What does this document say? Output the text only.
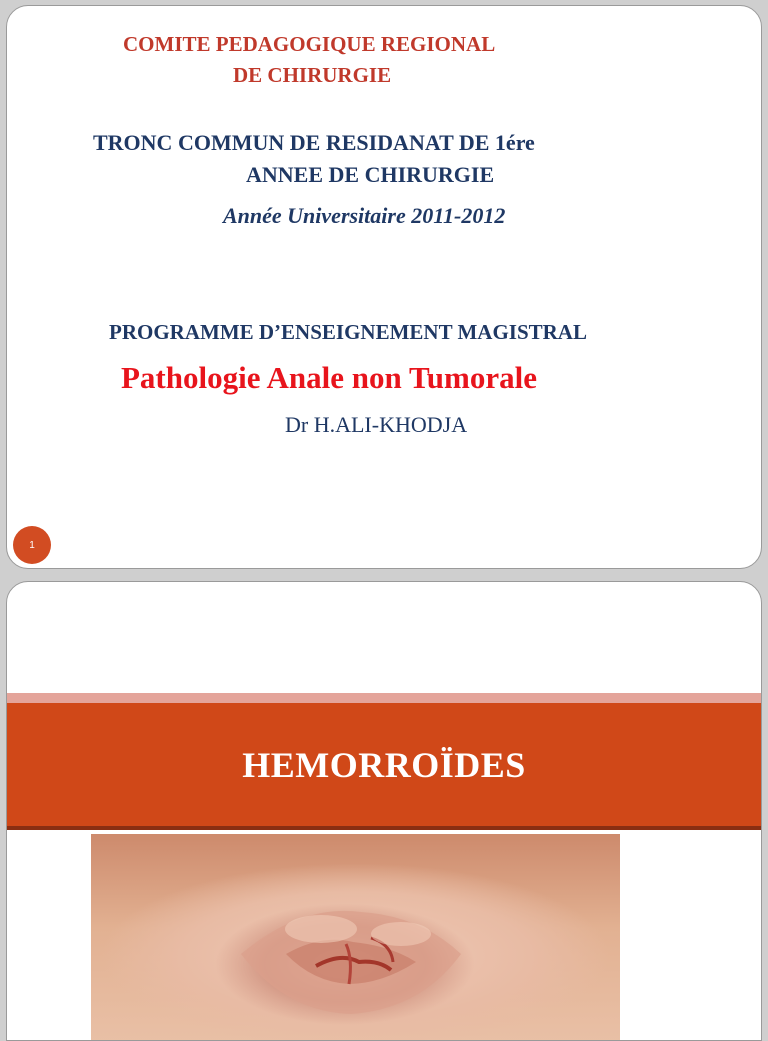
COMITE PEDAGOGIQUE REGIONAL

DE CHIRURGIE

TRONC COMMUN DE RESIDANAT DE 1ére

ANNEE DE CHIRURGIE

Année Universitaire 2011-2012

PROGRAMME D’ENSEIGNEMENT MAGISTRAL

Pathologie Anale non Tumorale

Dr H.ALI-KHODJA

1
HEMORROÏDES
